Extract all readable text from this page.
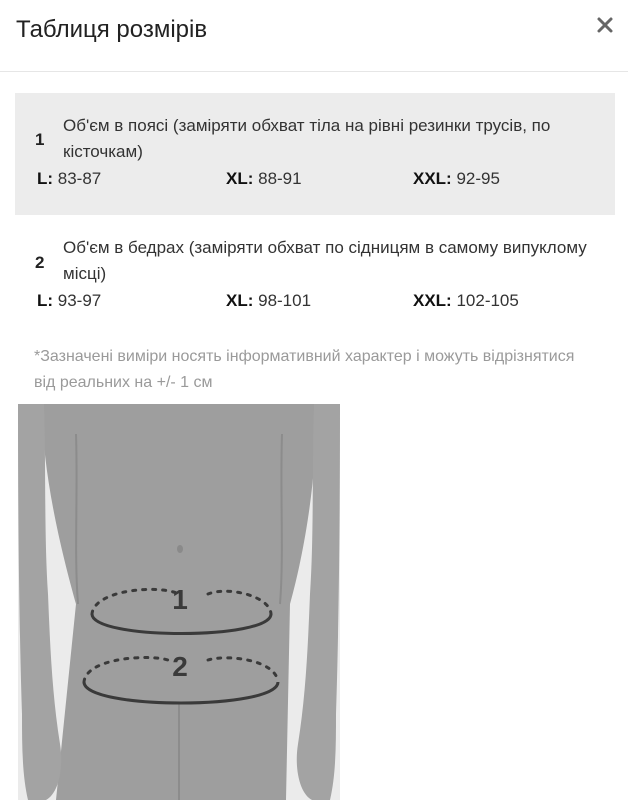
Таблиця розмірів
1
Об'єм в поясі (заміряти обхват тіла на рівні резинки трусів, по кісточкам)
L: 83-87	XL: 88-91	XXL: 92-95
2
Об'єм в бедрах (заміряти обхват по сідницям в самому випуклому місці)
L: 93-97	XL: 98-101	XXL: 102-105
*Зазначені виміри носять інформативний характер і можуть відрізнятися від реальних на +/- 1 см
1
2
